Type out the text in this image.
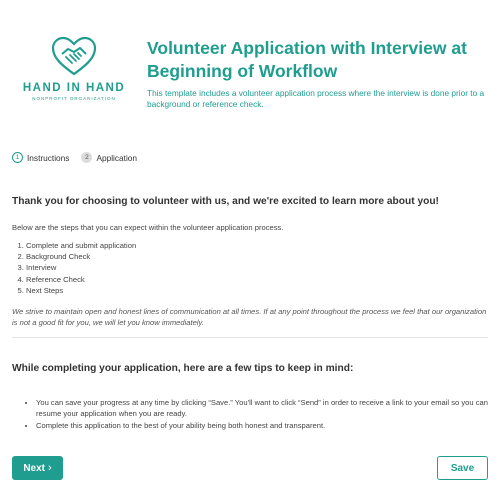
HAND IN HAND
NONPROFIT ORGANIZATION
Volunteer Application with Interview at Beginning of Workflow

This template includes a volunteer application process where the interview is done prior to a background or reference check.

1 Instructions	2 Application
Thank you for choosing to volunteer with us, and we're excited to learn more about you!

Below are the steps that you can expect within the volunteer application process.

1. Complete and submit application
2. Background Check
3. Interview
4. Reference Check
5. Next Steps

We strive to maintain open and honest lines of communication at all times. If at any point throughout the process we feel that our organization is not a good fit for you, we will let you know immediately.

While completing your application, here are a few tips to keep in mind:
• You can save your progress at any time by clicking “Save.” You'll want to click “Send” in order to receive a link to your email so you can resume your application when you are ready.
• Complete this application to the best of your ability being both honest and transparent.
Next ›	Save
